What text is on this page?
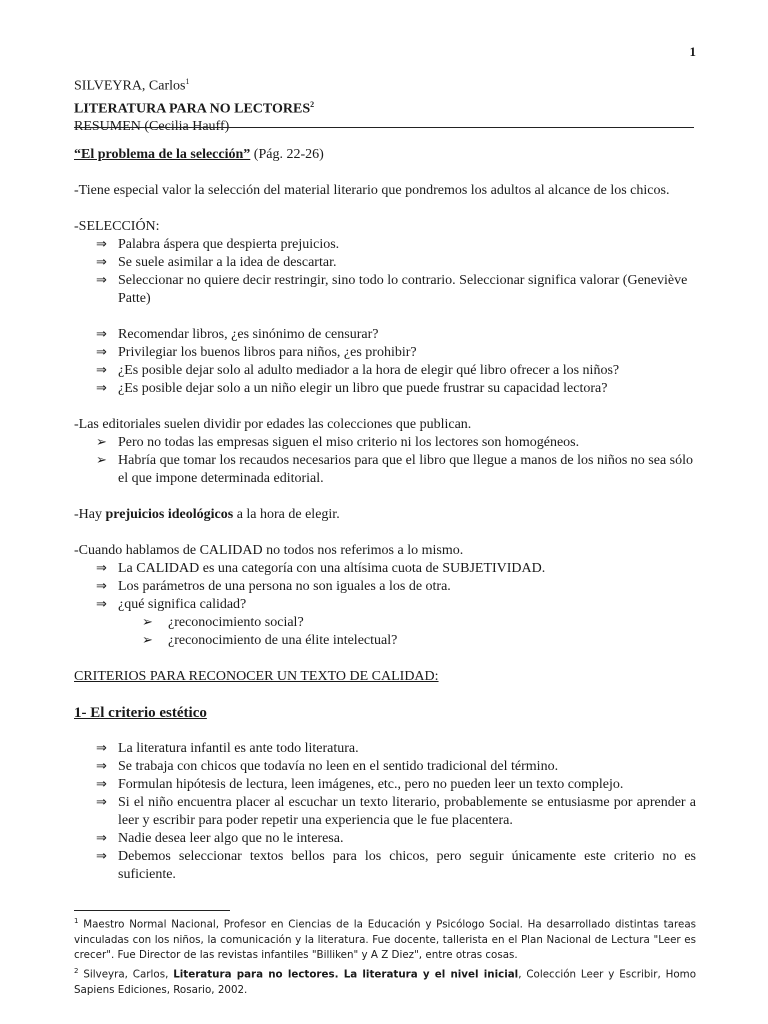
1
SILVEYRA, Carlos$^1$
LITERATURA PARA NO LECTORES$^2$
RESUMEN (Cecilia Hauff)

“El problema de la selección” (Pág. 22-26)

-Tiene especial valor la selección del material literario que pondremos los adultos al alcance de los chicos.

-SELECCIÓN:

⇒ Palabra áspera que despierta prejuicios.
⇒ Se suele asimilar a la idea de descartar.
⇒ Seleccionar no quiere decir restringir, sino todo lo contrario. Seleccionar significa valorar (Geneviève Patte)
⇒ Recomendar libros, ¿es sinónimo de censurar?
⇒ Privilegiar los buenos libros para niños, ¿es prohibir?
⇒ ¿Es posible dejar solo al adulto mediador a la hora de elegir qué libro ofrecer a los niños?
⇒ ¿Es posible dejar solo a un niño elegir un libro que puede frustrar su capacidad lectora?

-Las editoriales suelen dividir por edades las colecciones que publican.

➢ Pero no todas las empresas siguen el miso criterio ni los lectores son homogéneos.
➢ Habría que tomar los recaudos necesarios para que el libro que llegue a manos de los niños no sea sólo el que impone determinada editorial.

-Hay prejuicios ideológicos a la hora de elegir.

-Cuando hablamos de CALIDAD no todos nos referimos a lo mismo.

⇒ La CALIDAD es una categoría con una altísima cuota de SUBJETIVIDAD.
⇒ Los parámetros de una persona no son iguales a los de otra.
⇒ ¿qué significa calidad?
➢ ¿reconocimiento social?
➢ ¿reconocimiento de una élite intelectual?

CRITERIOS PARA RECONOCER UN TEXTO DE CALIDAD:

1- El criterio estético

⇒ La literatura infantil es ante todo literatura.
⇒ Se trabaja con chicos que todavía no leen en el sentido tradicional del término.
⇒ Formulan hipótesis de lectura, leen imágenes, etc., pero no pueden leer un texto complejo.
⇒ Si el niño encuentra placer al escuchar un texto literario, probablemente se entusiasme por aprender a leer y escribir para poder repetir una experiencia que le fue placentera.
⇒ Nadie desea leer algo que no le interesa.
⇒ Debemos seleccionar textos bellos para los chicos, pero seguir únicamente este criterio no es suficiente.

$^1$ Maestro Normal Nacional, Profesor en Ciencias de la Educación y Psicólogo Social. Ha desarrollado distintas tareas vinculadas con los niños, la comunicación y la literatura. Fue docente, tallerista en el Plan Nacional de Lectura "Leer es crecer". Fue Director de las revistas infantiles "Billiken" y A Z Diez", entre otras cosas.

$^2$ Silveyra, Carlos, Literatura para no lectores. La literatura y el nivel inicial, Colección Leer y Escribir, Homo Sapiens Ediciones, Rosario, 2002.
